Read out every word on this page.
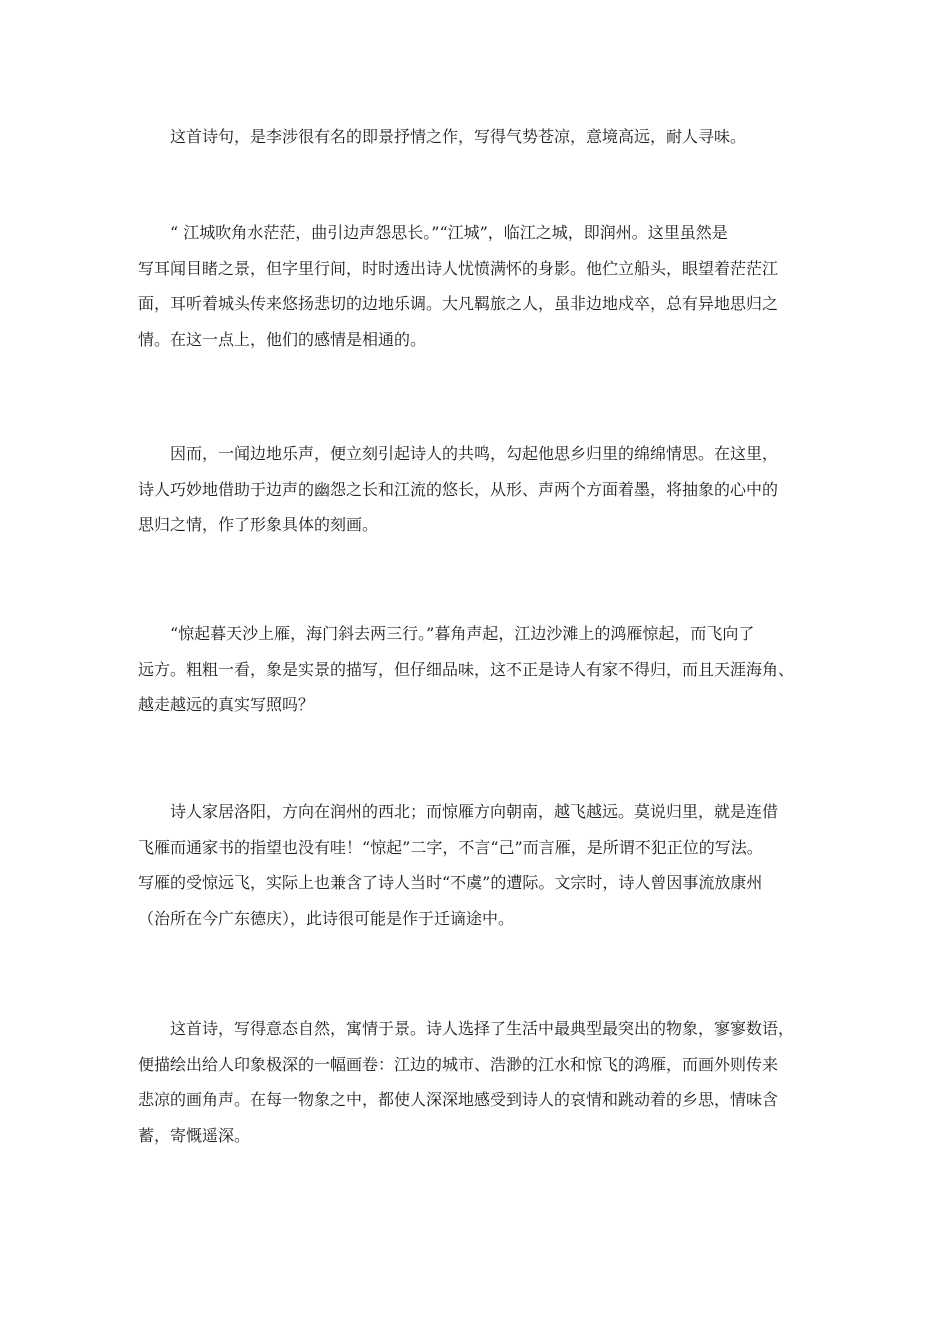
这首诗句，是李涉很有名的即景抒情之作，写得气势苍凉，意境高远，耐人寻味。

“ 江城吹角水茫茫，曲引边声怨思长。”“江城”，临江之城，即润州。这里虽然是
写耳闻目睹之景，但字里行间，时时透出诗人忧愤满怀的身影。他伫立船头，眼望着茫茫江
面，耳听着城头传来悠扬悲切的边地乐调。大凡羁旅之人，虽非边地戍卒，总有异地思归之
情。在这一点上，他们的感情是相通的。

因而，一闻边地乐声，便立刻引起诗人的共鸣，勾起他思乡归里的绵绵情思。在这里，
诗人巧妙地借助于边声的幽怨之长和江流的悠长，从形、声两个方面着墨，将抽象的心中的
思归之情，作了形象具体的刻画。

“惊起暮天沙上雁，海门斜去两三行。”暮角声起，江边沙滩上的鸿雁惊起，而飞向了
远方。粗粗一看，象是实景的描写，但仔细品味，这不正是诗人有家不得归，而且天涯海角、
越走越远的真实写照吗？

诗人家居洛阳，方向在润州的西北；而惊雁方向朝南，越飞越远。莫说归里，就是连借
飞雁而通家书的指望也没有哇！“惊起”二字，不言“己”而言雁，是所谓不犯正位的写法。
写雁的受惊远飞，实际上也兼含了诗人当时“不虞”的遭际。文宗时，诗人曾因事流放康州
（治所在今广东德庆），此诗很可能是作于迁谪途中。

这首诗，写得意态自然，寓情于景。诗人选择了生活中最典型最突出的物象，寥寥数语，
便描绘出给人印象极深的一幅画卷：江边的城市、浩渺的江水和惊飞的鸿雁，而画外则传来
悲凉的画角声。在每一物象之中，都使人深深地感受到诗人的哀情和跳动着的乡思，情味含
蓄，寄慨遥深。
